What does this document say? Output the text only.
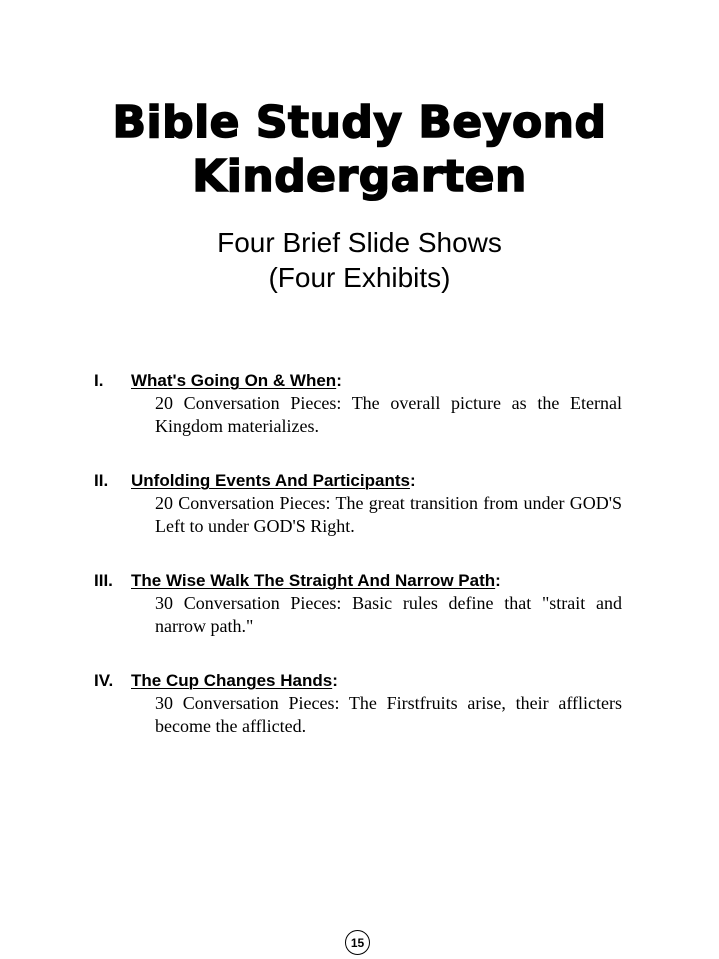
Bible Study Beyond
Kindergarten
Four Brief Slide Shows
(Four Exhibits)
I.	What's Going On & When:
20 Conversation Pieces: The overall picture as the Eternal Kingdom materializes.
II.	Unfolding Events And Participants:
20 Conversation Pieces: The great transition from under GOD'S Left to under GOD'S Right.
III.	The Wise Walk The Straight And Narrow Path:
30 Conversation Pieces: Basic rules define that "strait and narrow path."
IV.	The Cup Changes Hands:
30 Conversation Pieces: The Firstfruits arise, their afflicters become the afflicted.
15
